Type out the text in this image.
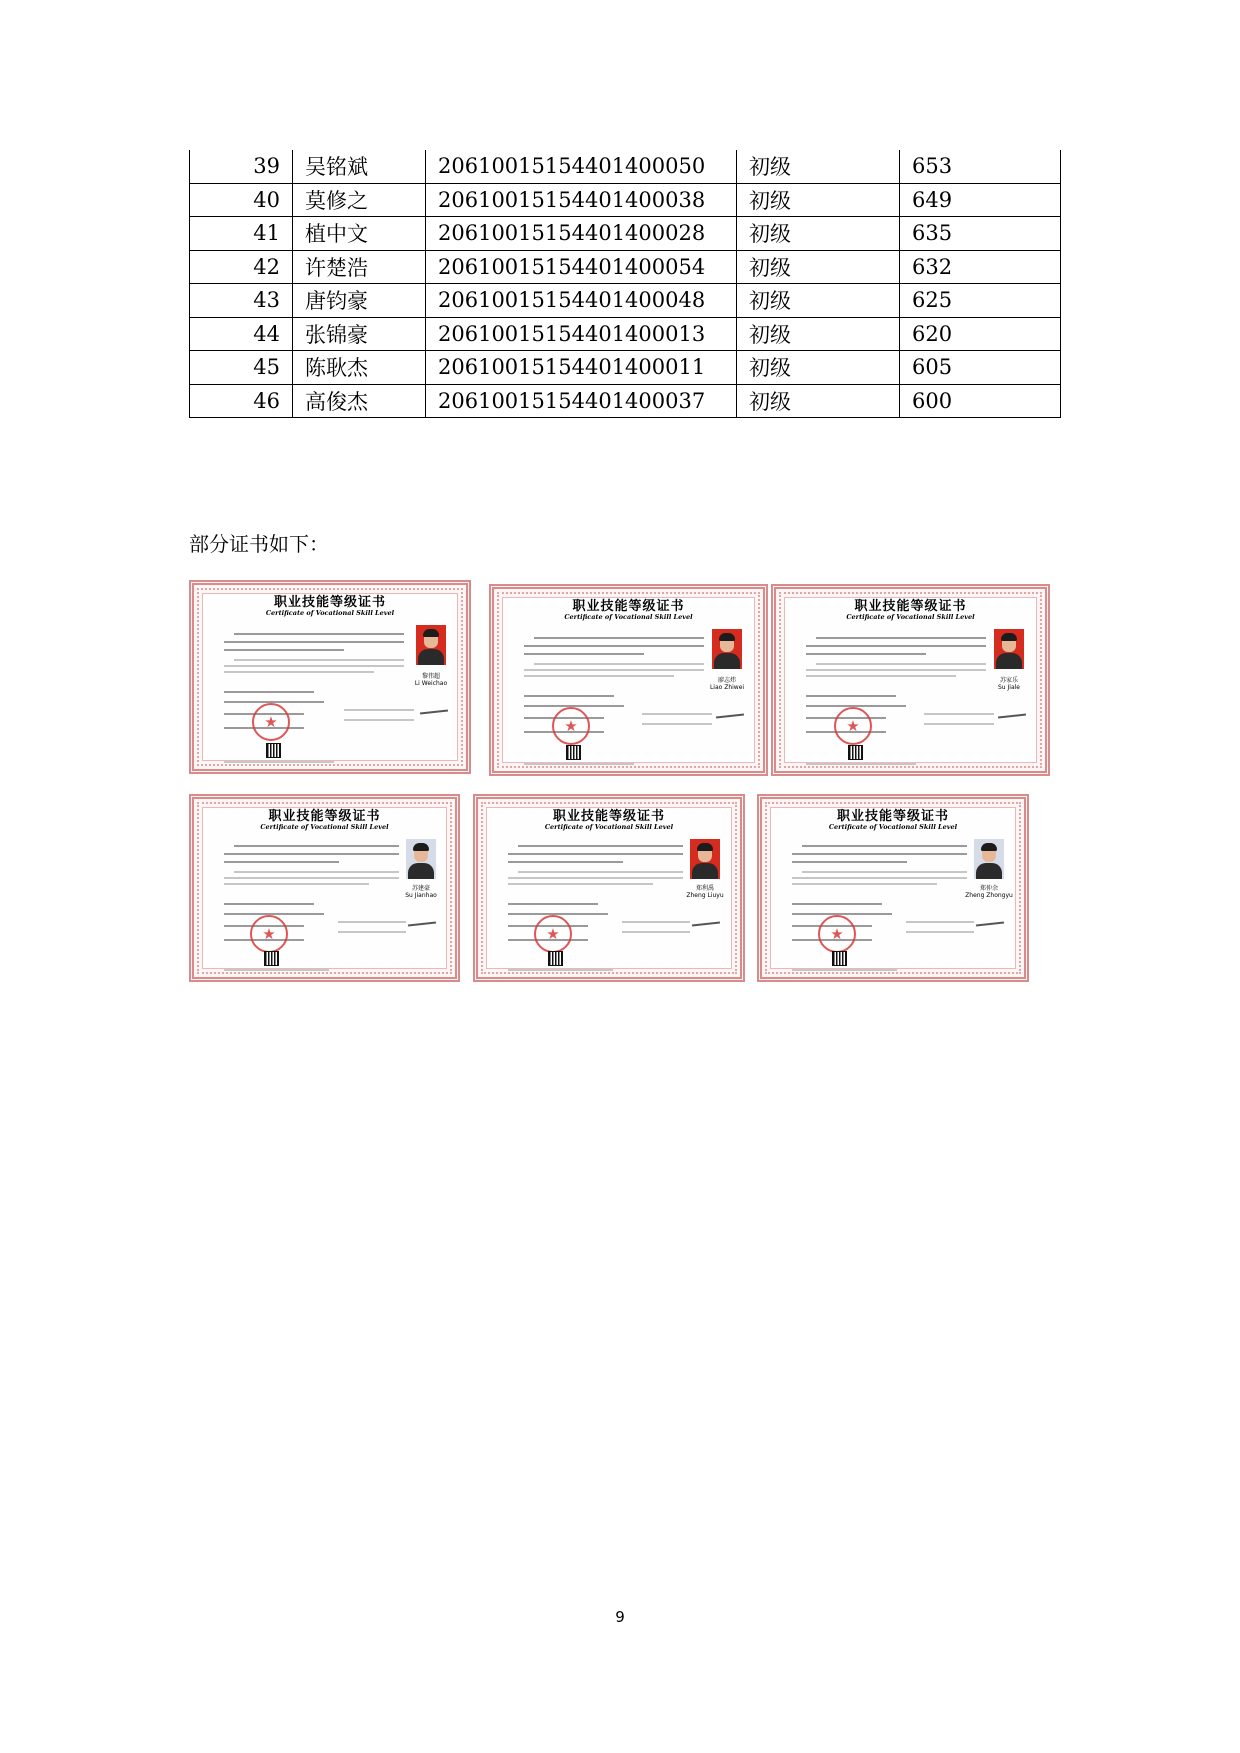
39	吴铭斌	20610015154401400050	初级	653
40	莫修之	20610015154401400038	初级	649
41	植中文	20610015154401400028	初级	635
42	许楚浩	20610015154401400054	初级	632
43	唐钧豪	20610015154401400048	初级	625
44	张锦豪	20610015154401400013	初级	620
45	陈耿杰	20610015154401400011	初级	605
46	高俊杰	20610015154401400037	初级	600
部分证书如下：
职业技能等级证书
Certificate of Vocational Skill Level
黎伟超
Li Weichao
★
职业技能等级证书
Certificate of Vocational Skill Level
廖志炜
Liao Zhiwei
★
职业技能等级证书
Certificate of Vocational Skill Level
苏家乐
Su Jiale
★
职业技能等级证书
Certificate of Vocational Skill Level
苏建豪
Su Jianhao
★
职业技能等级证书
Certificate of Vocational Skill Level
郑利禹
Zheng Liuyu
★
职业技能等级证书
Certificate of Vocational Skill Level
郑仲余
Zheng Zhongyu
★
9
